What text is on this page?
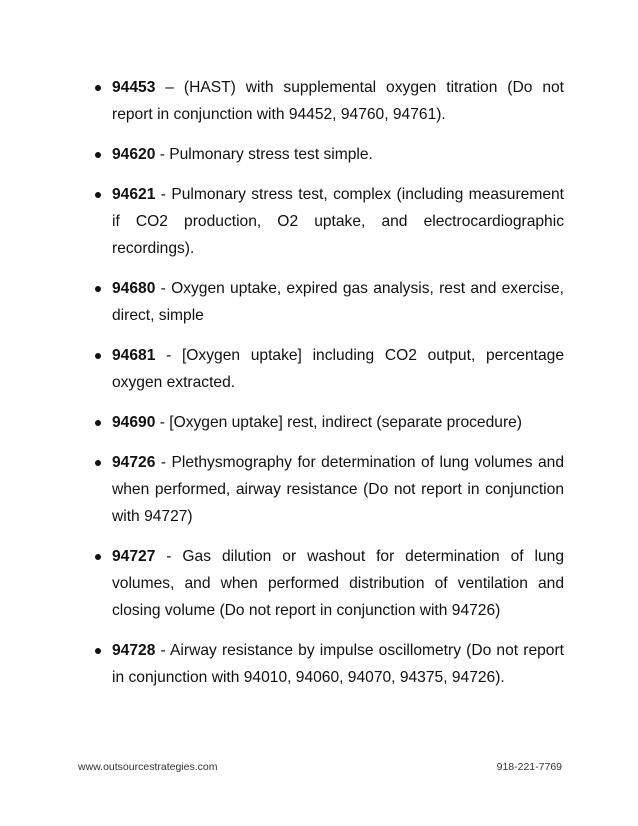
94453 – (HAST) with supplemental oxygen titration (Do not report in conjunction with 94452, 94760, 94761).
94620 - Pulmonary stress test simple.
94621 - Pulmonary stress test, complex (including measurement if CO2 production, O2 uptake, and electrocardiographic recordings).
94680 - Oxygen uptake, expired gas analysis, rest and exercise, direct, simple
94681 - [Oxygen uptake] including CO2 output, percentage oxygen extracted.
94690 - [Oxygen uptake] rest, indirect (separate procedure)
94726 - Plethysmography for determination of lung volumes and when performed, airway resistance (Do not report in conjunction with 94727)
94727 - Gas dilution or washout for determination of lung volumes, and when performed distribution of ventilation and closing volume (Do not report in conjunction with 94726)
94728 - Airway resistance by impulse oscillometry (Do not report in conjunction with 94010, 94060, 94070, 94375, 94726).
www.outsourcestrategies.com	918-221-7769
